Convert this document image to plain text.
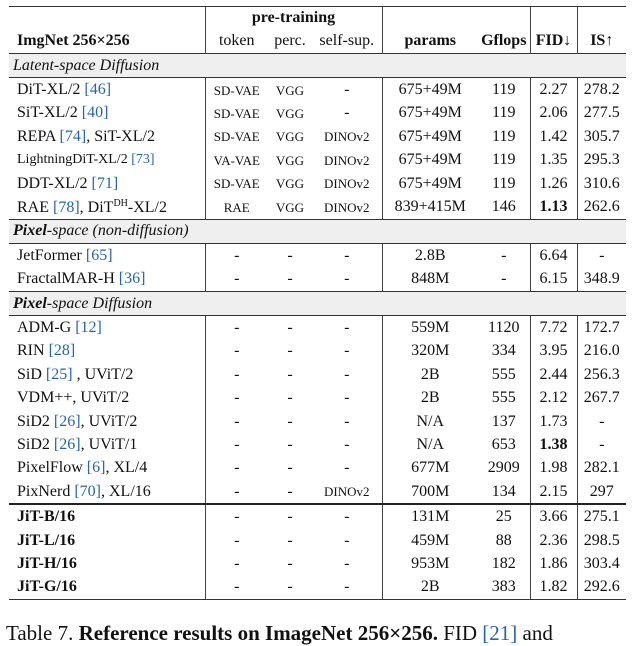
	pre-training						
ImgNet 256×256	token	perc.	self-sup.	params	Gflops	FID↓	IS↑
Latent-space Diffusion							
DiT-XL/2 [46]	SD-VAE	VGG	-	675+49M	119	2.27	278.2
SiT-XL/2 [40]	SD-VAE	VGG	-	675+49M	119	2.06	277.5
REPA [74], SiT-XL/2	SD-VAE	VGG	DINOv2	675+49M	119	1.42	305.7
LightningDiT-XL/2 [73]	VA-VAE	VGG	DINOv2	675+49M	119	1.35	295.3
DDT-XL/2 [71]	SD-VAE	VGG	DINOv2	675+49M	119	1.26	310.6
RAE [78], DiT$^{DH}$-XL/2	RAE	VGG	DINOv2	839+415M	146	1.13	262.6
Pixel-space (non-diffusion)							
JetFormer [65]	-	-	-	2.8B	-	6.64	-
FractalMAR-H [36]	-	-	-	848M	-	6.15	348.9
Pixel-space Diffusion							
ADM-G [12]	-	-	-	559M	1120	7.72	172.7
RIN [28]	-	-	-	320M	334	3.95	216.0
SiD [25] , UViT/2	-	-	-	2B	555	2.44	256.3
VDM++, UViT/2	-	-	-	2B	555	2.12	267.7
SiD2 [26], UViT/2	-	-	-	N/A	137	1.73	-
SiD2 [26], UViT/1	-	-	-	N/A	653	1.38	-
PixelFlow [6], XL/4	-	-	-	677M	2909	1.98	282.1
PixNerd [70], XL/16	-	-	DINOv2	700M	134	2.15	297
JiT-B/16	-	-	-	131M	25	3.66	275.1
JiT-L/16	-	-	-	459M	88	2.36	298.5
JiT-H/16	-	-	-	953M	182	1.86	303.4
JiT-G/16	-	-	-	2B	383	1.82	292.6
Table 7. Reference results on ImageNet 256×256. FID [21] and
